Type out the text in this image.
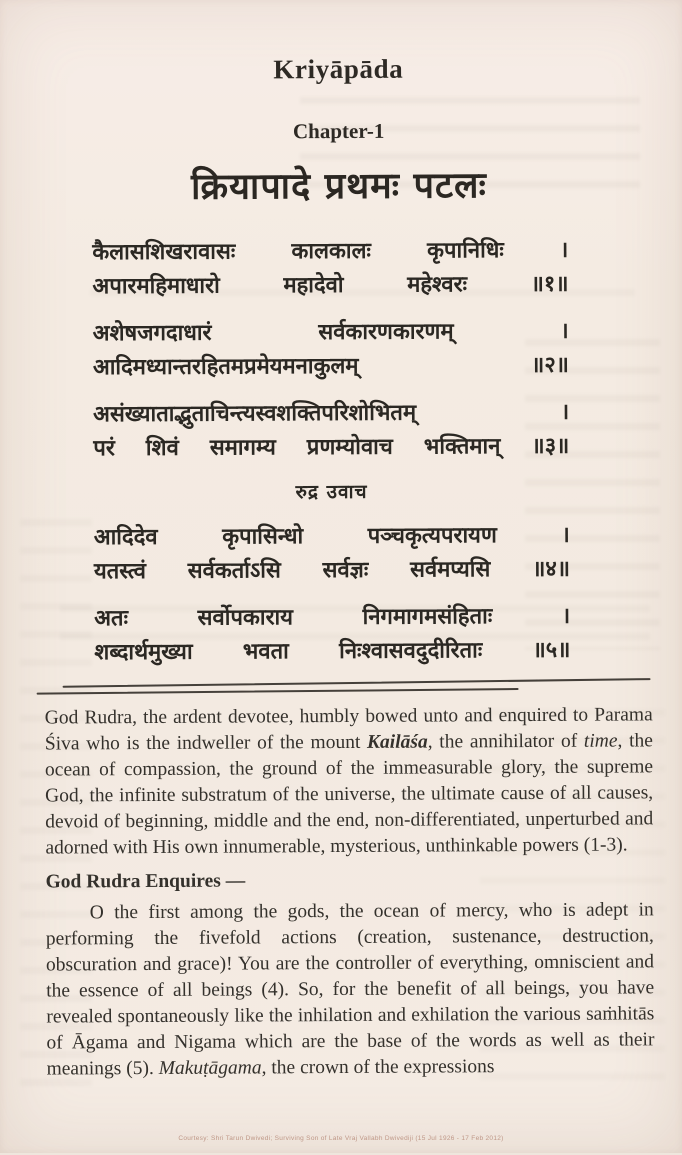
Kriyāpāda
Chapter-1
क्रियापादे प्रथमः पटलः
कैलासशिखरावासः	कालकालः	कृपानिधिः	।
अपारमहिमाधारो	महादेवो	महेश्वरः	॥१॥
अशेषजगदाधारं	सर्वकारणकारणम्	।
आदिमध्यान्तरहितमप्रमेयमनाकुलम्	॥२॥
असंख्याताद्भुताचिन्त्यस्वशक्तिपरिशोभितम्	।
परं शिवं समागम्य प्रणम्योवाच भक्तिमान् ॥३॥
रुद्र उवाच
आदिदेव	कृपासिन्धो	पञ्चकृत्यपरायण	।
यतस्त्वं सर्वकर्ताऽसि सर्वज्ञः सर्वमप्यसि ॥४॥
अतः	सर्वोपकाराय	निगमागमसंहिताः	।
शब्दार्थमुख्या भवता निःश्वासवदुदीरिताः ॥५॥

God Rudra, the ardent devotee, humbly bowed unto and enquired to Parama Śiva who is the indweller of the mount Kailāśa, the annihilator of time, the ocean of compassion, the ground of the immeasurable glory, the supreme God, the infinite substratum of the universe, the ultimate cause of all causes, devoid of beginning, middle and the end, non-differentiated, unperturbed and adorned with His own innumerable, mysterious, unthinkable powers (1-3).

God Rudra Enquires —

O the first among the gods, the ocean of mercy, who is adept in performing the fivefold actions (creation, sustenance, destruction, obscuration and grace)! You are the controller of everything, omniscient and the essence of all beings (4). So, for the benefit of all beings, you have revealed spontaneously like the inhilation and exhilation the various saṁhitās of Āgama and Nigama which are the base of the words as well as their meanings (5). Makuṭāgama, the crown of the expressions

Courtesy: Shri Tarun Dwivedi; Surviving Son of Late Vraj Vallabh Dwivediji (15 Jul 1926 - 17 Feb 2012)
